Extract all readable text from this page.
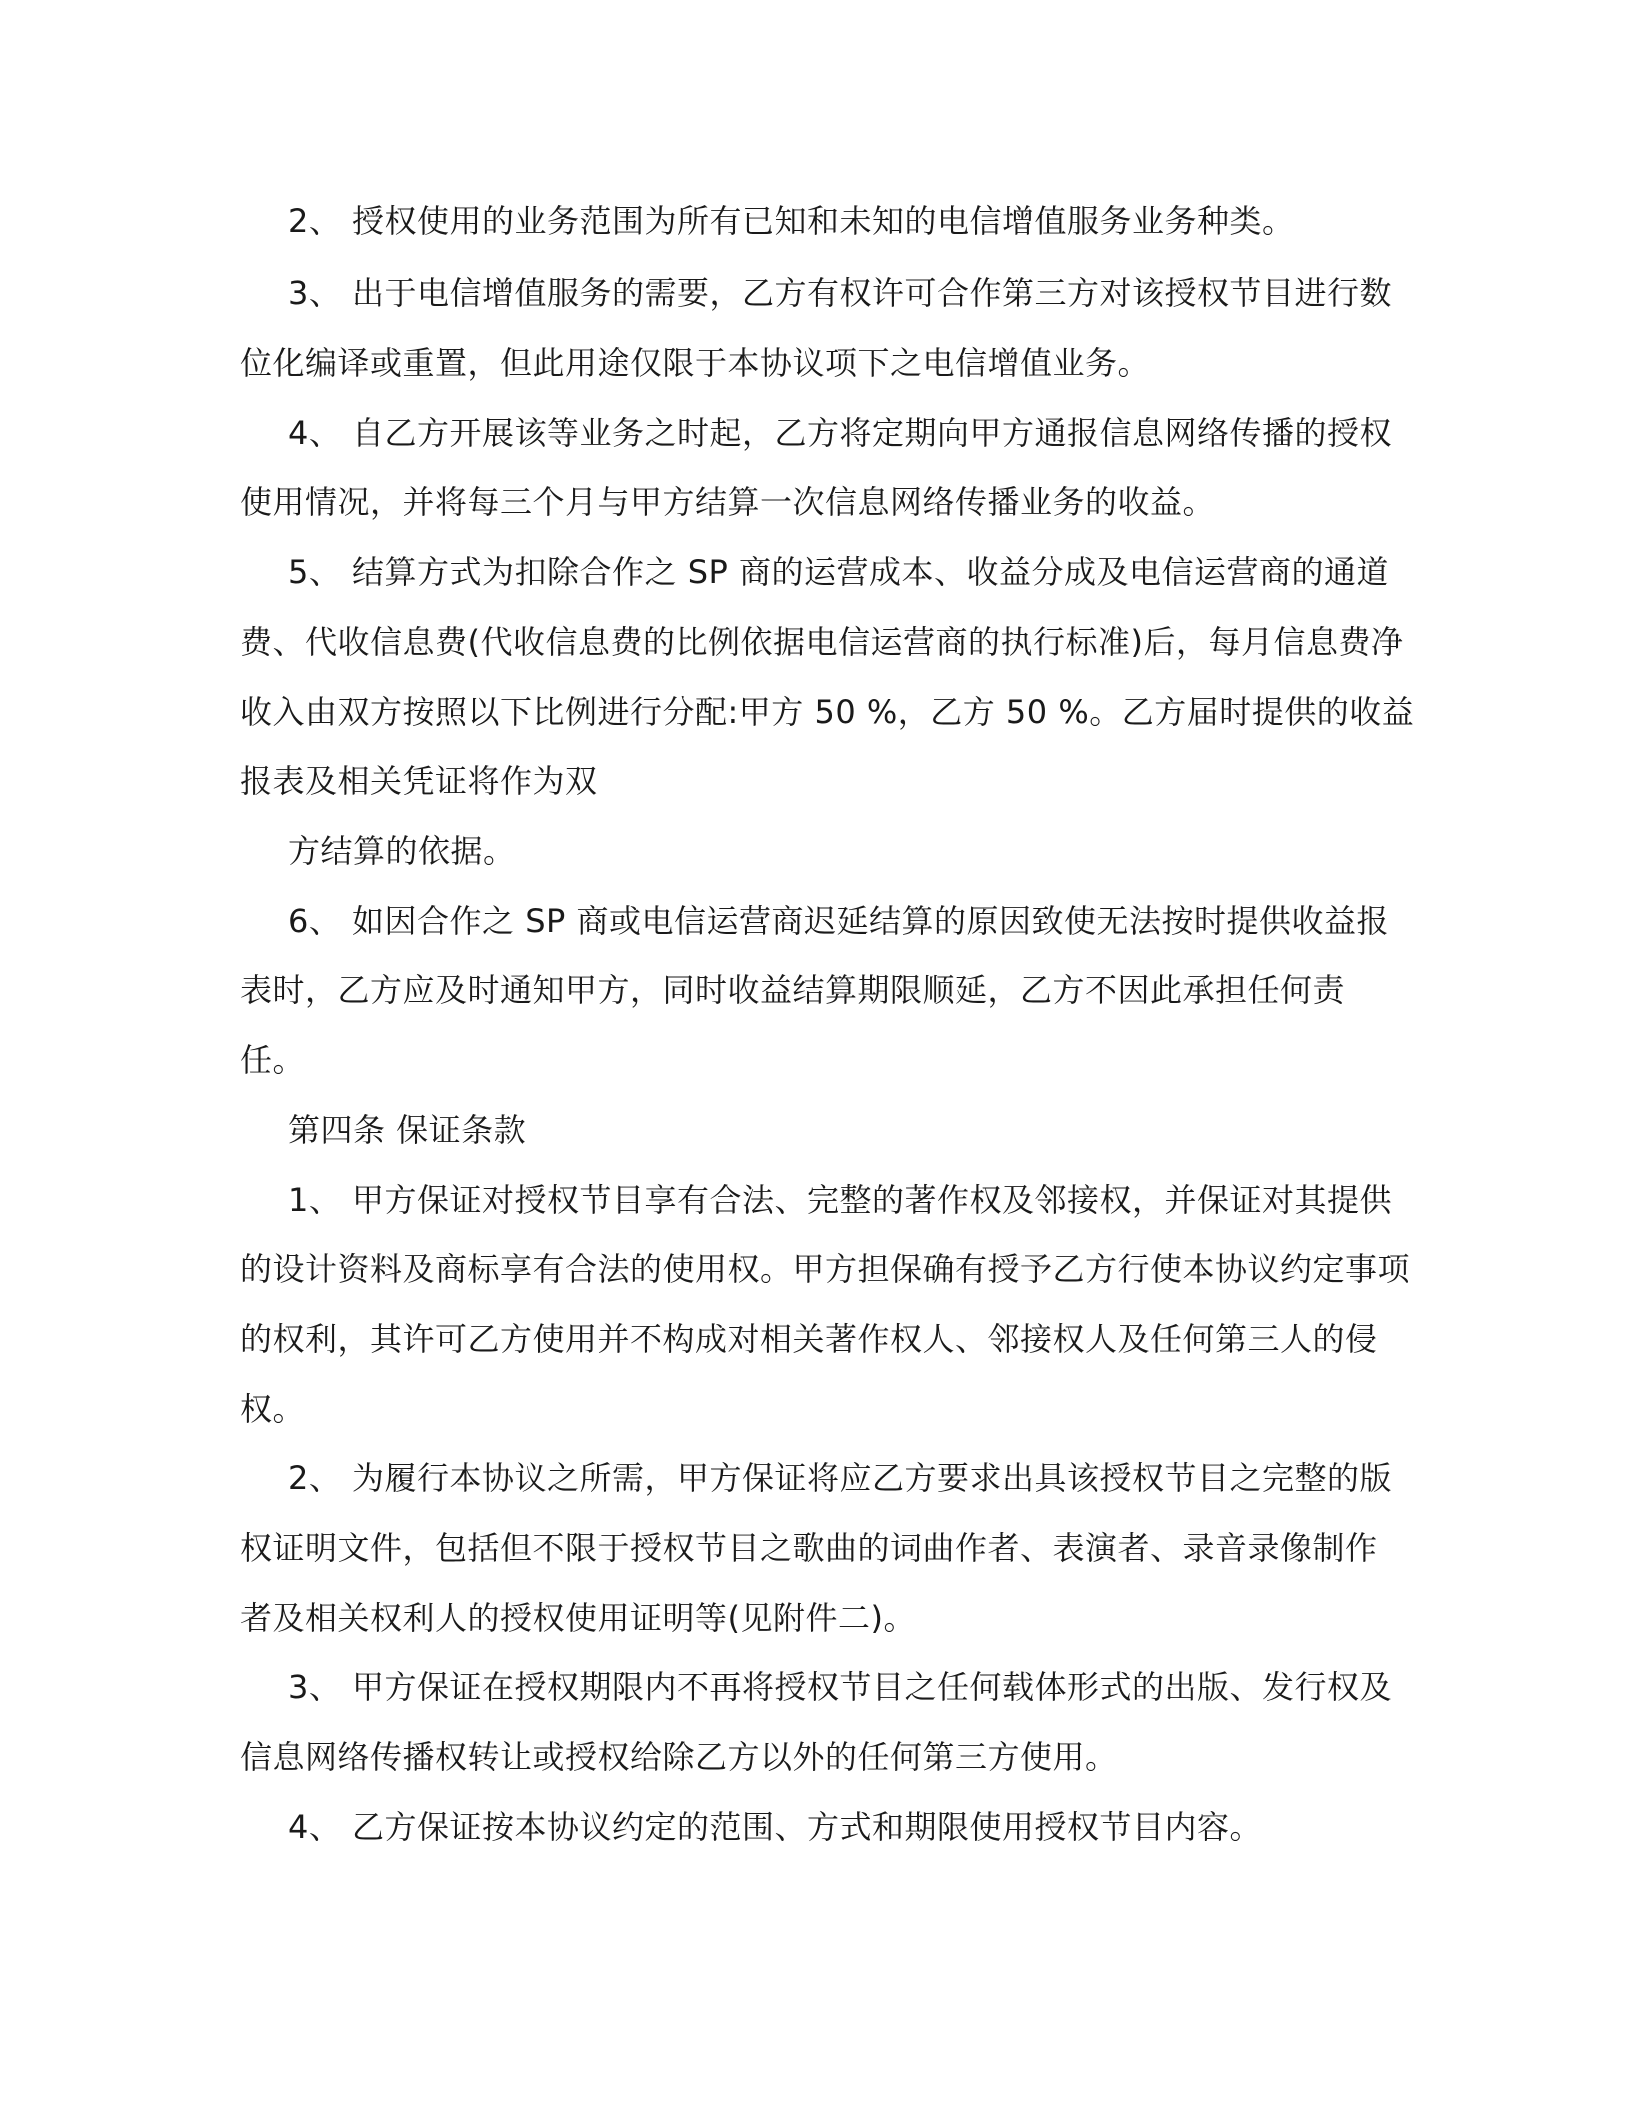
2、 授权使用的业务范围为所有已知和未知的电信增值服务业务种类。

3、 出于电信增值服务的需要，乙方有权许可合作第三方对该授权节目进行数

位化编译或重置，但此用途仅限于本协议项下之电信增值业务。

4、 自乙方开展该等业务之时起，乙方将定期向甲方通报信息网络传播的授权

使用情况，并将每三个月与甲方结算一次信息网络传播业务的收益。

5、 结算方式为扣除合作之 SP 商的运营成本、收益分成及电信运营商的通道

费、代收信息费(代收信息费的比例依据电信运营商的执行标准)后，每月信息费净

收入由双方按照以下比例进行分配:甲方 50 %，乙方 50 %。乙方届时提供的收益

报表及相关凭证将作为双

方结算的依据。

6、 如因合作之 SP 商或电信运营商迟延结算的原因致使无法按时提供收益报

表时，乙方应及时通知甲方，同时收益结算期限顺延，乙方不因此承担任何责

任。

第四条 保证条款

1、 甲方保证对授权节目享有合法、完整的著作权及邻接权，并保证对其提供

的设计资料及商标享有合法的使用权。甲方担保确有授予乙方行使本协议约定事项

的权利，其许可乙方使用并不构成对相关著作权人、邻接权人及任何第三人的侵

权。

2、 为履行本协议之所需，甲方保证将应乙方要求出具该授权节目之完整的版

权证明文件，包括但不限于授权节目之歌曲的词曲作者、表演者、录音录像制作

者及相关权利人的授权使用证明等(见附件二)。

3、 甲方保证在授权期限内不再将授权节目之任何载体形式的出版、发行权及

信息网络传播权转让或授权给除乙方以外的任何第三方使用。

4、 乙方保证按本协议约定的范围、方式和期限使用授权节目内容。
